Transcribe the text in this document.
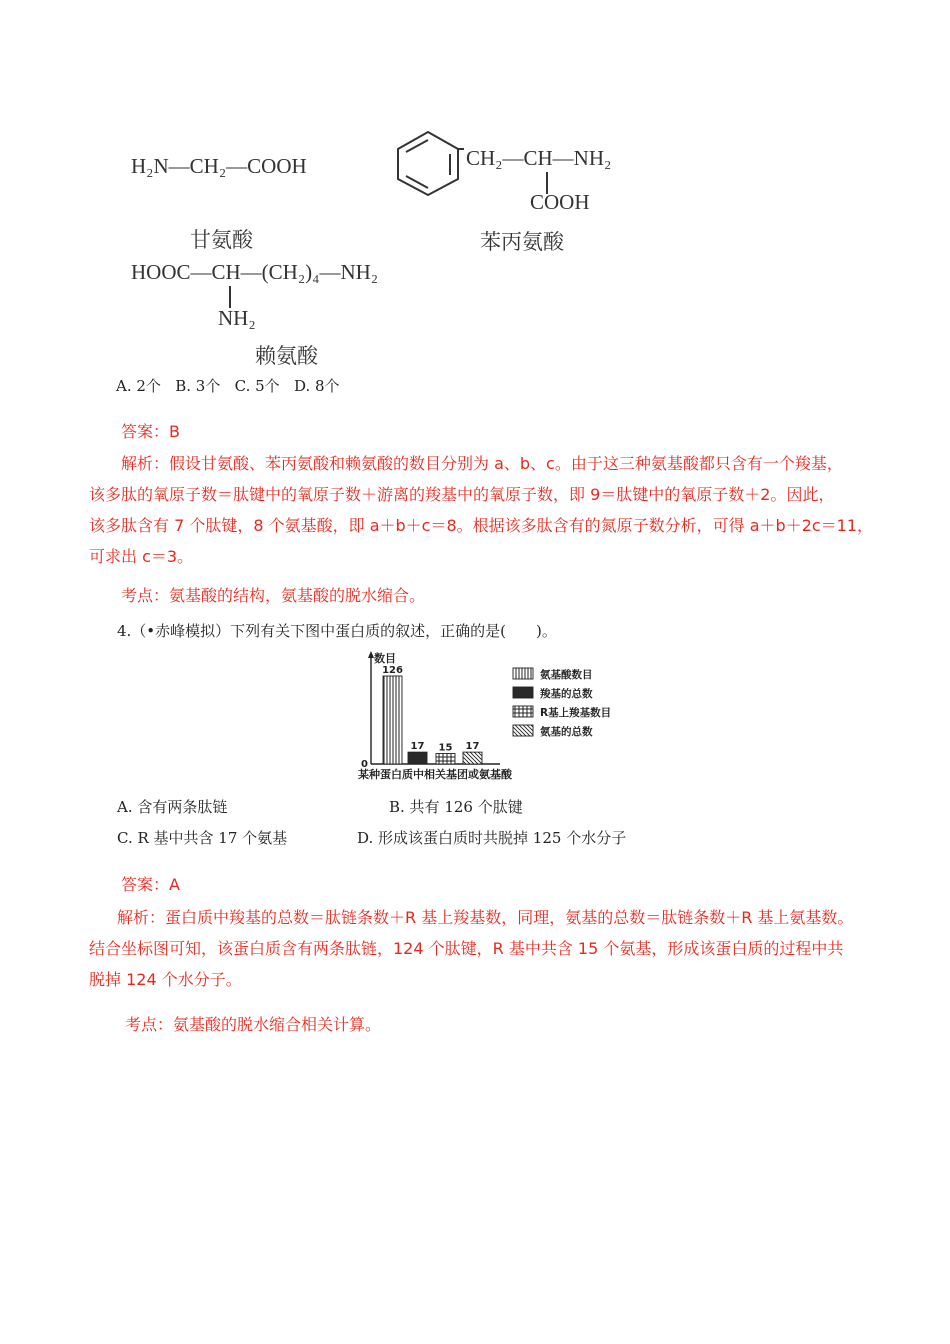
H₂N—CH₂—COOH
甘氨酸
CH₂—CH—NH₂
COOH
苯丙氨酸
HOOC—CH—(CH₂)₄—NH₂
NH₂
赖氨酸
A. 2个   B. 3个   C. 5个   D. 8个
答案：B
解析：假设甘氨酸、苯丙氨酸和赖氨酸的数目分别为 a、b、c。由于这三种氨基酸都只含有一个羧基，
该多肽的氧原子数＝肽键中的氧原子数＋游离的羧基中的氧原子数，即 9＝肽键中的氧原子数＋2。因此，
该多肽含有 7 个肽键，8 个氨基酸，即 a＋b＋c＝8。根据该多肽含有的氮原子数分析，可得 a＋b＋2c＝11，
可求出 c＝3。
考点：氨基酸的结构，氨基酸的脱水缩合。
4.（•赤峰模拟）下列有关下图中蛋白质的叙述，正确的是(　　)。
数目
0
126
17 15 17
氨基酸数目
羧基的总数
R基上羧基数目
氨基的总数
某种蛋白质中相关基团或氨基酸
A. 含有两条肽链	B. 共有 126 个肽键
C. R 基中共含 17 个氨基	D. 形成该蛋白质时共脱掉 125 个水分子
答案：A
解析：蛋白质中羧基的总数＝肽链条数＋R 基上羧基数，同理，氨基的总数＝肽链条数＋R 基上氨基数。
结合坐标图可知，该蛋白质含有两条肽链，124 个肽键，R 基中共含 15 个氨基，形成该蛋白质的过程中共
脱掉 124 个水分子。
考点：氨基酸的脱水缩合相关计算。
